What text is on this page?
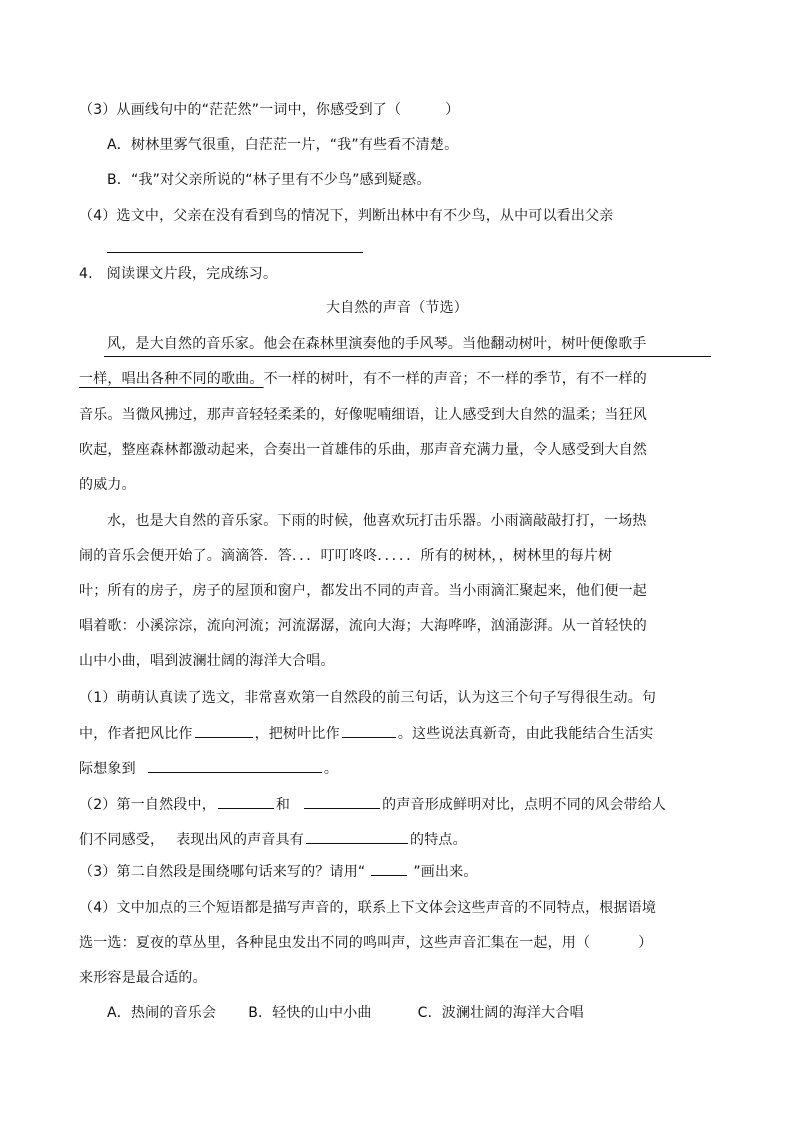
（3）从画线句中的“茫茫然”一词中，你感受到了（	）
A．树林里雾气很重，白茫茫一片，“我”有些看不清楚。
B．“我”对父亲所说的“林子里有不少鸟”感到疑惑。
（4）选文中，父亲在没有看到鸟的情况下，判断出林中有不少鸟，从中可以看出父亲
4. 阅读课文片段，完成练习。
大自然的声音（节选）
风，是大自然的音乐家。他会在森林里演奏他的手风琴。当他翻动树叶，树叶便像歌手
一样，唱出各种不同的歌曲。不一样的树叶，有不一样的声音；不一样的季节，有不一样的
音乐。当微风拂过，那声音轻轻柔柔的，好像呢喃细语，让人感受到大自然的温柔；当狂风
吹起，整座森林都激动起来，合奏出一首雄伟的乐曲，那声音充满力量，令人感受到大自然
的威力。
水，也是大自然的音乐家。下雨的时候，他喜欢玩打击乐器。小雨滴敲敲打打，一场热
闹的音乐会便开始了。滴滴答．答．．．叮叮咚咚．．．．．所有的树林，，树林里的每片树
叶；所有的房子，房子的屋顶和窗户，都发出不同的声音。当小雨滴汇聚起来，他们便一起
唱着歌：小溪淙淙，流向河流；河流潺潺，流向大海；大海哗哗，汹涌澎湃。从一首轻快的
山中小曲，唱到波澜壮阔的海洋大合唱。
（1）萌萌认真读了选文，非常喜欢第一自然段的前三句话，认为这三个句子写得很生动。句
中，作者把风比作	，把树叶比作	。这些说法真新奇，由此我能结合生活实
际想象到	。
（2）第一自然段中，	和	的声音形成鲜明对比，点明不同的风会带给人
们不同感受， 表现出风的声音具有	的特点。
（3）第二自然段是围绕哪句话来写的？请用“	”画出来。
（4）文中加点的三个短语都是描写声音的，联系上下文体会这些声音的不同特点，根据语境
选一选：夏夜的草丛里，各种昆虫发出不同的鸣叫声，这些声音汇集在一起，用（	）
来形容是最合适的。
A．热闹的音乐会 B．轻快的山中小曲	C．波澜壮阔的海洋大合唱
